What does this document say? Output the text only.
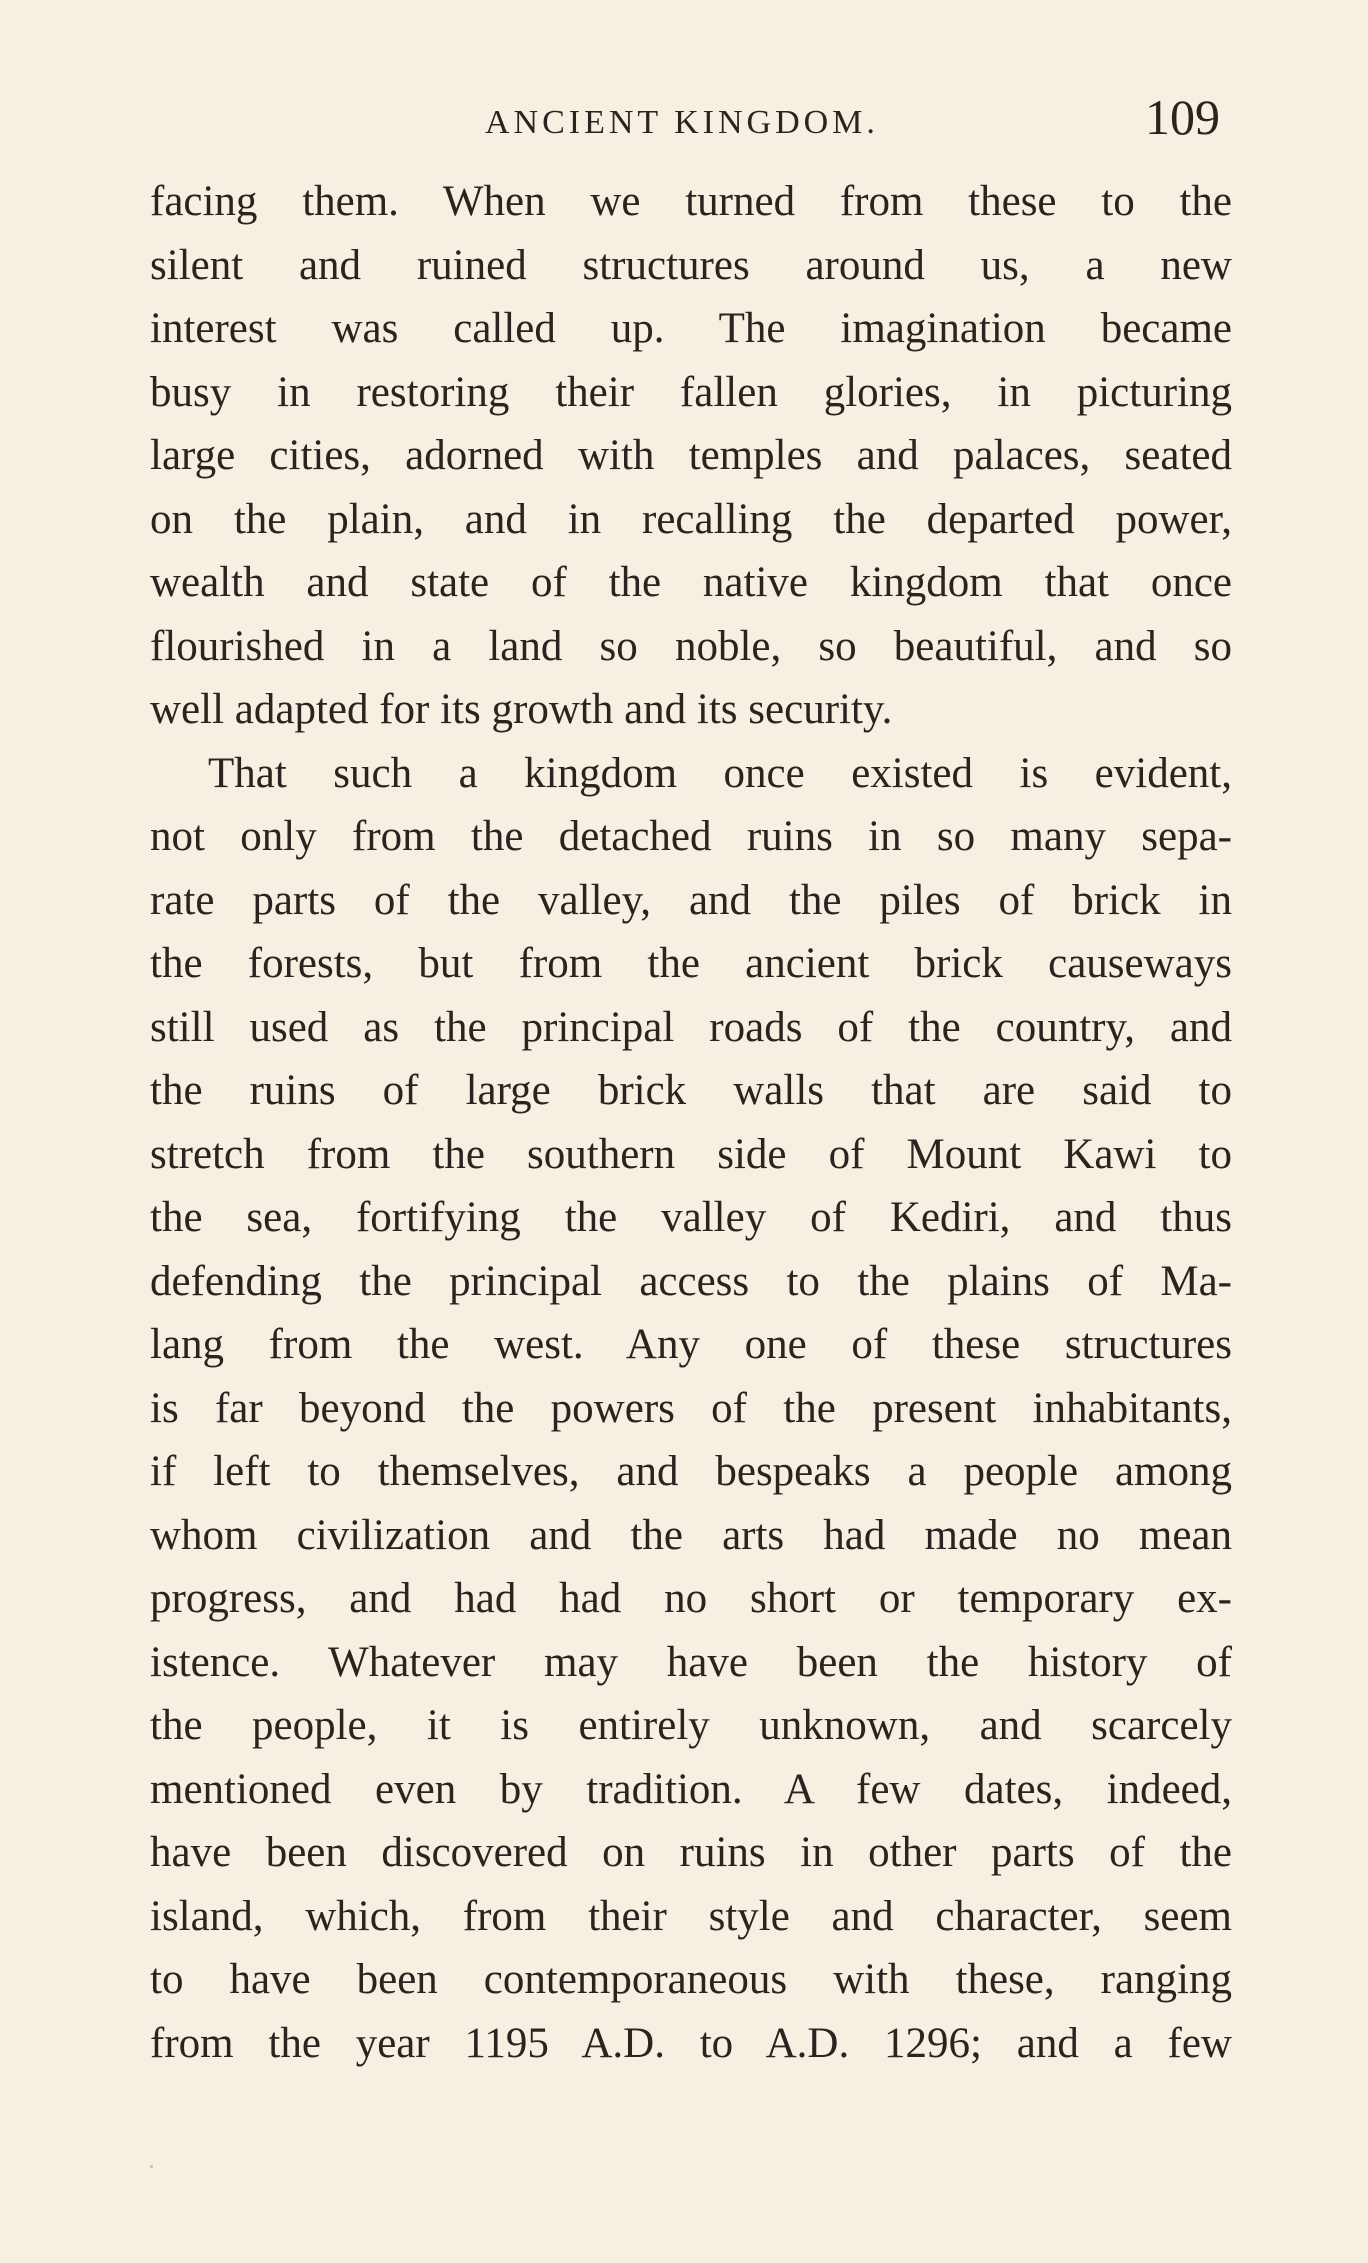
ANCIENT KINGDOM.	109
facing them. When we turned from these to the
silent and ruined structures around us, a new
interest was called up. The imagination became
busy in restoring their fallen glories, in picturing
large cities, adorned with temples and palaces, seated
on the plain, and in recalling the departed power,
wealth and state of the native kingdom that once
flourished in a land so noble, so beautiful, and so
well adapted for its growth and its security.
That such a kingdom once existed is evident,
not only from the detached ruins in so many sepa-
rate parts of the valley, and the piles of brick in
the forests, but from the ancient brick causeways
still used as the principal roads of the country, and
the ruins of large brick walls that are said to
stretch from the southern side of Mount Kawi to
the sea, fortifying the valley of Kediri, and thus
defending the principal access to the plains of Ma-
lang from the west. Any one of these structures
is far beyond the powers of the present inhabitants,
if left to themselves, and bespeaks a people among
whom civilization and the arts had made no mean
progress, and had had no short or temporary ex-
istence. Whatever may have been the history of
the people, it is entirely unknown, and scarcely
mentioned even by tradition. A few dates, indeed,
have been discovered on ruins in other parts of the
island, which, from their style and character, seem
to have been contemporaneous with these, ranging
from the year 1195 A.D. to A.D. 1296; and a few
